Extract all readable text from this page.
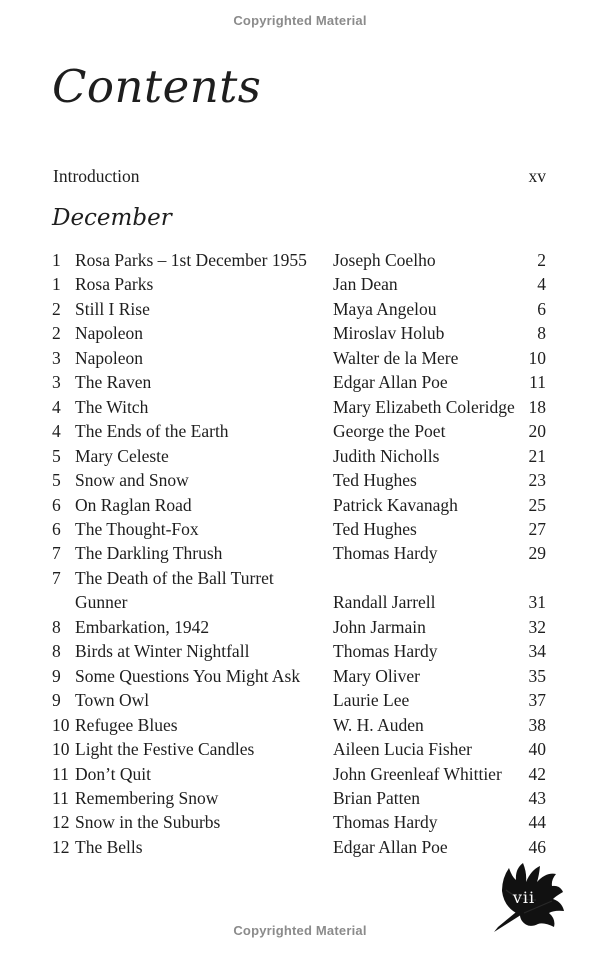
Copyrighted Material
Contents
Introduction	xv
December
1 Rosa Parks – 1st December 1955	Joseph Coelho	2
1 Rosa Parks	Jan Dean	4
2 Still I Rise	Maya Angelou	6
2 Napoleon	Miroslav Holub	8
3 Napoleon	Walter de la Mere	10
3 The Raven	Edgar Allan Poe	11
4 The Witch	Mary Elizabeth Coleridge 18
4 The Ends of the Earth	George the Poet	20
5 Mary Celeste	Judith Nicholls	21
5 Snow and Snow	Ted Hughes	23
6 On Raglan Road	Patrick Kavanagh	25
6 The Thought-Fox	Ted Hughes	27
7 The Darkling Thrush	Thomas Hardy	29
7 The Death of the Ball Turret
Gunner	Randall Jarrell	31
8 Embarkation, 1942	John Jarmain	32
8 Birds at Winter Nightfall	Thomas Hardy	34
9 Some Questions You Might Ask	Mary Oliver	35
9 Town Owl	Laurie Lee	37
10 Refugee Blues	W. H. Auden	38
10 Light the Festive Candles	Aileen Lucia Fisher	40
11 Don’t Quit	John Greenleaf Whittier	42
11 Remembering Snow	Brian Patten	43
12 Snow in the Suburbs	Thomas Hardy	44
12 The Bells	Edgar Allan Poe	46
vii
Copyrighted Material
